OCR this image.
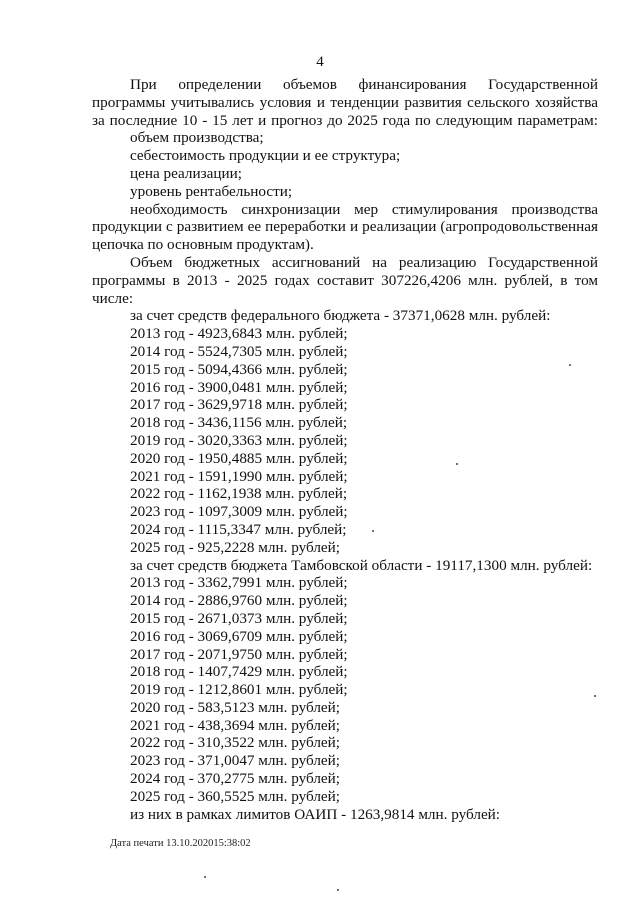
4

При определении объемов финансирования Государственной

программы учитывались условия и тенденции развития сельского хозяйства

за последние 10 - 15 лет и прогноз до 2025 года по следующим параметрам:

объем производства;

себестоимость продукции и ее структура;

цена реализации;

уровень рентабельности;

необходимость синхронизации мер стимулирования производства

продукции с развитием ее переработки и реализации (агропродовольственная

цепочка по основным продуктам).

Объем бюджетных ассигнований на реализацию Государственной

программы в 2013 - 2025 годах составит 307226,4206 млн. рублей, в том

числе:

за счет средств федерального бюджета - 37371,0628 млн. рублей:

2013 год - 4923,6843 млн. рублей;

2014 год - 5524,7305 млн. рублей;

2015 год - 5094,4366 млн. рублей;

2016 год - 3900,0481 млн. рублей;

2017 год - 3629,9718 млн. рублей;

2018 год - 3436,1156 млн. рублей;

2019 год - 3020,3363 млн. рублей;

2020 год - 1950,4885 млн. рублей;

2021 год - 1591,1990 млн. рублей;

2022 год - 1162,1938 млн. рублей;

2023 год - 1097,3009 млн. рублей;

2024 год - 1115,3347 млн. рублей;

2025 год - 925,2228 млн. рублей;

за счет средств бюджета Тамбовской области - 19117,1300 млн. рублей:

2013 год - 3362,7991 млн. рублей;

2014 год - 2886,9760 млн. рублей;

2015 год - 2671,0373 млн. рублей;

2016 год - 3069,6709 млн. рублей;

2017 год - 2071,9750 млн. рублей;

2018 год - 1407,7429 млн. рублей;

2019 год - 1212,8601 млн. рублей;

2020 год - 583,5123 млн. рублей;

2021 год - 438,3694 млн. рублей;

2022 год - 310,3522 млн. рублей;

2023 год - 371,0047 млн. рублей;

2024 год - 370,2775 млн. рублей;

2025 год - 360,5525 млн. рублей;

из них в рамках лимитов ОАИП - 1263,9814 млн. рублей:

Дата печати 13.10.202015:38:02
